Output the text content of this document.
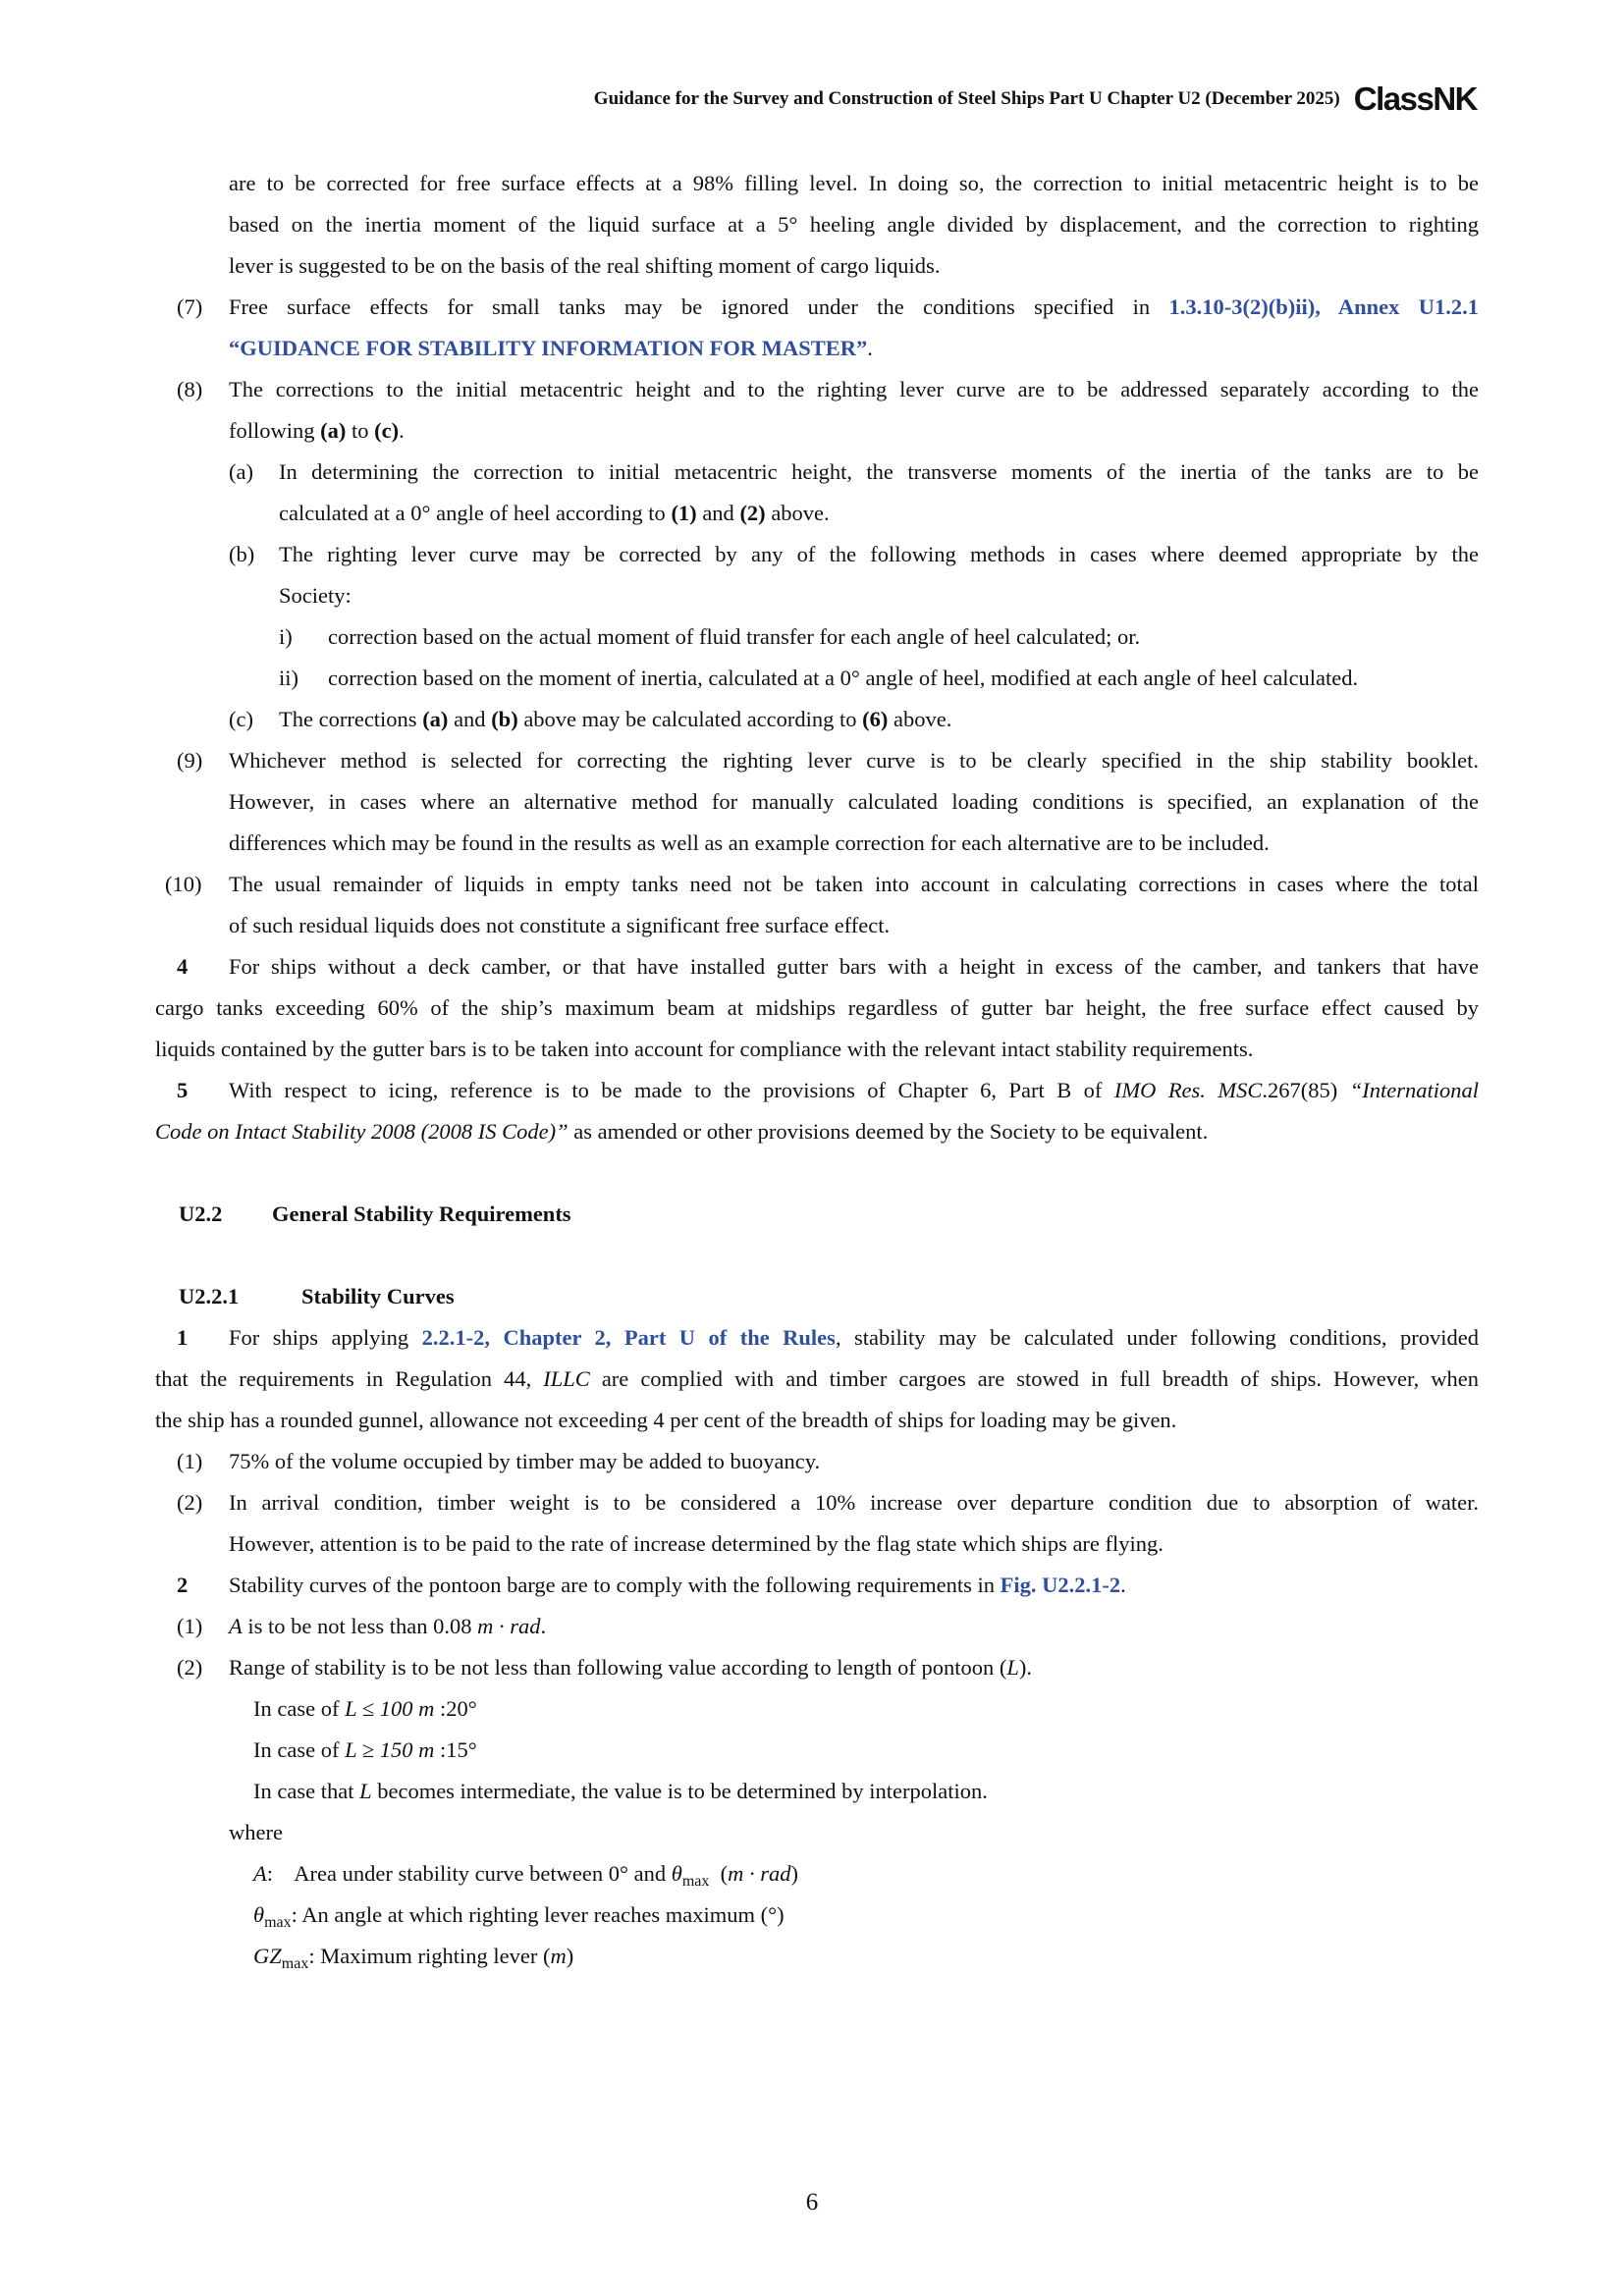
Guidance for the Survey and Construction of Steel Ships Part U Chapter U2 (December 2025) ClassNK
are to be corrected for free surface effects at a 98% filling level. In doing so, the correction to initial metacentric height is to be
based on the inertia moment of the liquid surface at a 5° heeling angle divided by displacement, and the correction to righting
lever is suggested to be on the basis of the real shifting moment of cargo liquids.
(7) Free surface effects for small tanks may be ignored under the conditions specified in 1.3.10-3(2)(b)ii), Annex U1.2.1
“GUIDANCE FOR STABILITY INFORMATION FOR MASTER”.
(8) The corrections to the initial metacentric height and to the righting lever curve are to be addressed separately according to the
following (a) to (c).
(a) In determining the correction to initial metacentric height, the transverse moments of the inertia of the tanks are to be
calculated at a 0° angle of heel according to (1) and (2) above.
(b) The righting lever curve may be corrected by any of the following methods in cases where deemed appropriate by the
Society:
i) correction based on the actual moment of fluid transfer for each angle of heel calculated; or.
ii) correction based on the moment of inertia, calculated at a 0° angle of heel, modified at each angle of heel calculated.
(c) The corrections (a) and (b) above may be calculated according to (6) above.
(9) Whichever method is selected for correcting the righting lever curve is to be clearly specified in the ship stability booklet.
However, in cases where an alternative method for manually calculated loading conditions is specified, an explanation of the
differences which may be found in the results as well as an example correction for each alternative are to be included.
(10) The usual remainder of liquids in empty tanks need not be taken into account in calculating corrections in cases where the total
of such residual liquids does not constitute a significant free surface effect.
4 For ships without a deck camber, or that have installed gutter bars with a height in excess of the camber, and tankers that have
cargo tanks exceeding 60% of the ship’s maximum beam at midships regardless of gutter bar height, the free surface effect caused by
liquids contained by the gutter bars is to be taken into account for compliance with the relevant intact stability requirements.
5 With respect to icing, reference is to be made to the provisions of Chapter 6, Part B of IMO Res. MSC.267(85) “International
Code on Intact Stability 2008 (2008 IS Code)” as amended or other provisions deemed by the Society to be equivalent.
U2.2 General Stability Requirements
U2.2.1	Stability Curves
1 For ships applying 2.2.1-2, Chapter 2, Part U of the Rules, stability may be calculated under following conditions, provided
that the requirements in Regulation 44, ILLC are complied with and timber cargoes are stowed in full breadth of ships. However, when
the ship has a rounded gunnel, allowance not exceeding 4 per cent of the breadth of ships for loading may be given.
(1) 75% of the volume occupied by timber may be added to buoyancy.
(2) In arrival condition, timber weight is to be considered a 10% increase over departure condition due to absorption of water.
However, attention is to be paid to the rate of increase determined by the flag state which ships are flying.
2 Stability curves of the pontoon barge are to comply with the following requirements in Fig. U2.2.1-2.
(1) A is to be not less than 0.08 m · rad.
(2) Range of stability is to be not less than following value according to length of pontoon (L).
In case of L ≤ 100 m :20°
In case of L ≥ 150 m :15°
In case that L becomes intermediate, the value is to be determined by interpolation.
where
A:    Area under stability curve between 0° and $\theta_{max}$  (m · rad)
$\theta_{max}$: An angle at which righting lever reaches maximum (°)
$GZ_{max}$: Maximum righting lever (m)
6
